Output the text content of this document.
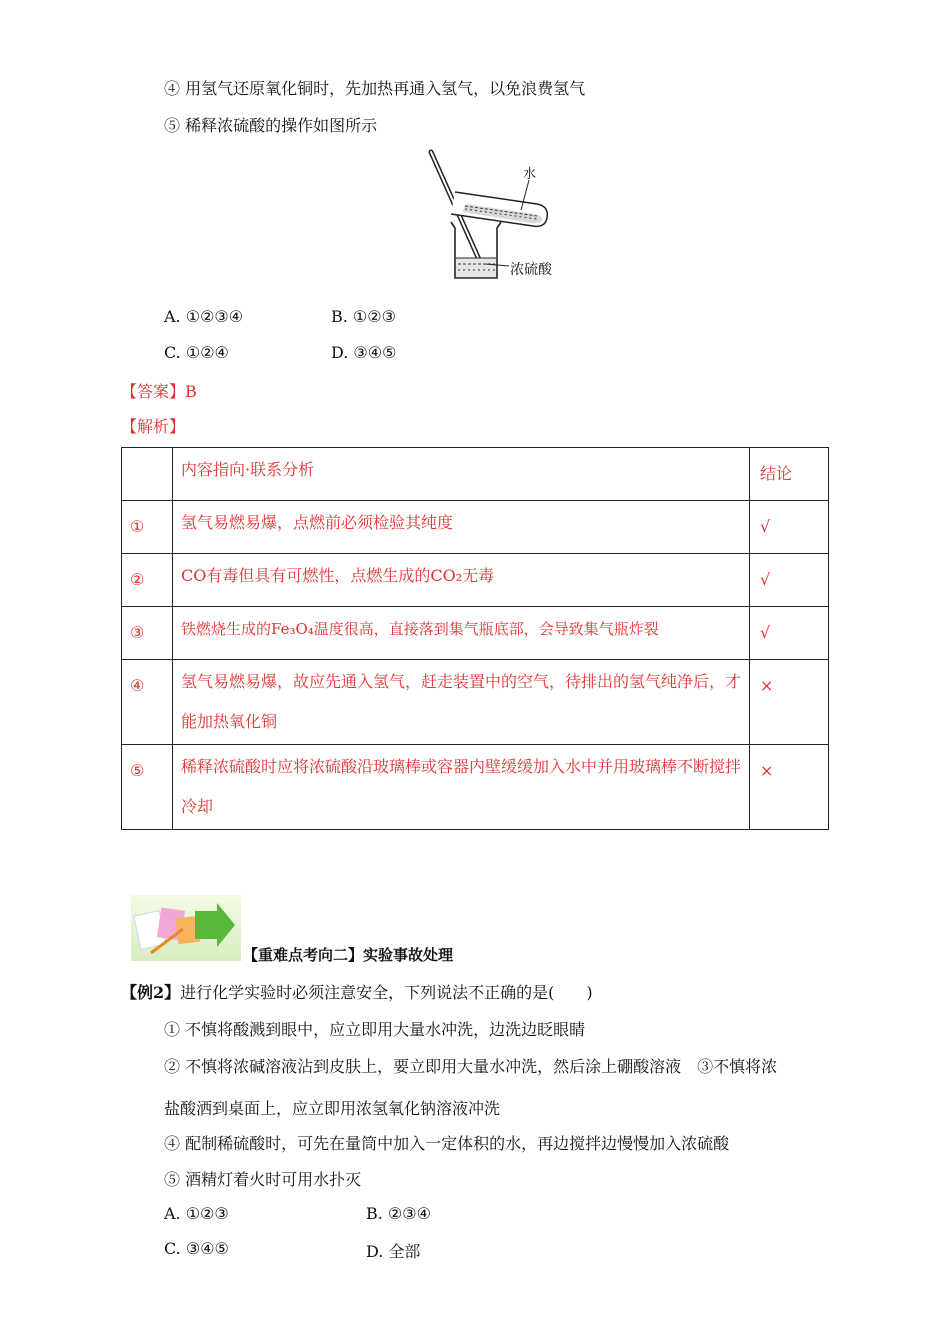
④ 用氢气还原氧化铜时，先加热再通入氢气，以免浪费氢气
⑤ 稀释浓硫酸的操作如图所示
水
浓硫酸
A. ①②③④	B. ①②③
C. ①②④	D. ③④⑤
【答案】B
【解析】
	内容指向·联系分析	结论
①	氢气易燃易爆，点燃前必须检验其纯度	√
②	CO有毒但具有可燃性，点燃生成的CO₂无毒	√
③	铁燃烧生成的Fe₃O₄温度很高，直接落到集气瓶底部，会导致集气瓶炸裂	√
④	氢气易燃易爆，故应先通入氢气，赶走装置中的空气，待排出的氢气纯净后，才能加热氧化铜	×
⑤	稀释浓硫酸时应将浓硫酸沿玻璃棒或容器内壁缓缓加入水中并用玻璃棒不断搅拌冷却	×
【重难点考向二】实验事故处理
【例2】进行化学实验时必须注意安全，下列说法不正确的是(　　)
① 不慎将酸溅到眼中，应立即用大量水冲洗，边洗边眨眼睛
② 不慎将浓碱溶液沾到皮肤上，要立即用大量水冲洗，然后涂上硼酸溶液　③不慎将浓
盐酸洒到桌面上，应立即用浓氢氧化钠溶液冲洗
④ 配制稀硫酸时，可先在量筒中加入一定体积的水，再边搅拌边慢慢加入浓硫酸
⑤ 酒精灯着火时可用水扑灭
A. ①②③	B. ②③④
C. ③④⑤	D. 全部
